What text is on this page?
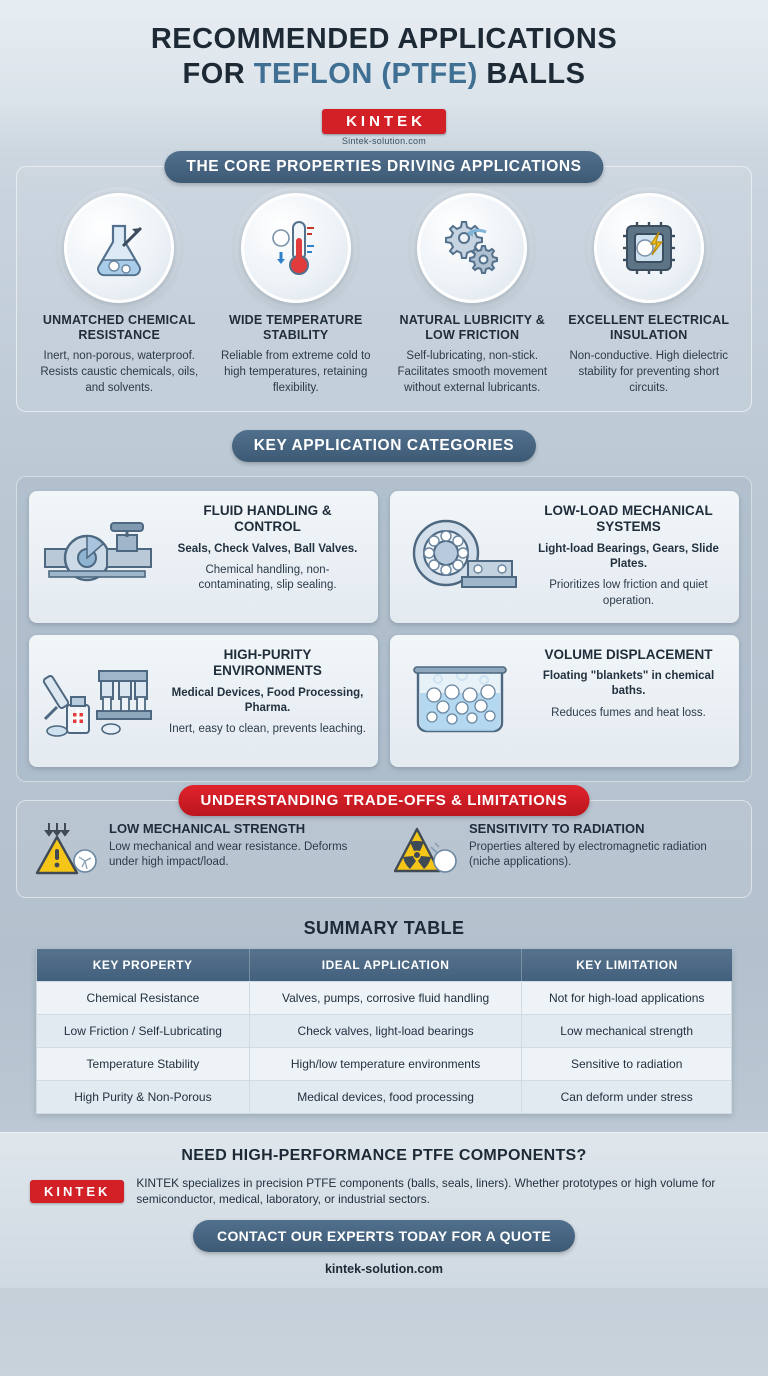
RECOMMENDED APPLICATIONS
FOR TEFLON (PTFE) BALLS
KINTEK
Sintek-solution.com
THE CORE PROPERTIES DRIVING APPLICATIONS
UNMATCHED CHEMICAL RESISTANCE
Inert, non-porous, waterproof. Resists caustic chemicals, oils, and solvents.
WIDE TEMPERATURE STABILITY
Reliable from extreme cold to high temperatures, retaining flexibility.
NATURAL LUBRICITY & LOW FRICTION
Self-lubricating, non-stick. Facilitates smooth movement without external lubricants.
EXCELLENT ELECTRICAL INSULATION
Non-conductive. High dielectric stability for preventing short circuits.
KEY APPLICATION CATEGORIES
FLUID HANDLING & CONTROL
Seals, Check Valves, Ball Valves.
Chemical handling, non-contaminating, slip sealing.
LOW-LOAD MECHANICAL SYSTEMS
Light-load Bearings, Gears, Slide Plates.
Prioritizes low friction and quiet operation.
HIGH-PURITY ENVIRONMENTS
Medical Devices, Food Processing, Pharma.
Inert, easy to clean, prevents leaching.
VOLUME DISPLACEMENT
Floating "blankets" in chemical baths.
Reduces fumes and heat loss.
UNDERSTANDING TRADE-OFFS & LIMITATIONS
LOW MECHANICAL STRENGTH
Low mechanical and wear resistance. Deforms under high impact/load.
SENSITIVITY TO RADIATION
Properties altered by electromagnetic radiation (niche applications).
SUMMARY TABLE
KEY PROPERTY	IDEAL APPLICATION	KEY LIMITATION
Chemical Resistance	Valves, pumps, corrosive fluid handling	Not for high-load applications
Low Friction / Self-Lubricating	Check valves, light-load bearings	Low mechanical strength
Temperature Stability	High/low temperature environments	Sensitive to radiation
High Purity & Non-Porous	Medical devices, food processing	Can deform under stress
NEED HIGH-PERFORMANCE PTFE COMPONENTS?
KINTEK
KINTEK specializes in precision PTFE components (balls, seals, liners). Whether prototypes or high volume for semiconductor, medical, laboratory, or industrial sectors.
CONTACT OUR EXPERTS TODAY FOR A QUOTE
kintek-solution.com
